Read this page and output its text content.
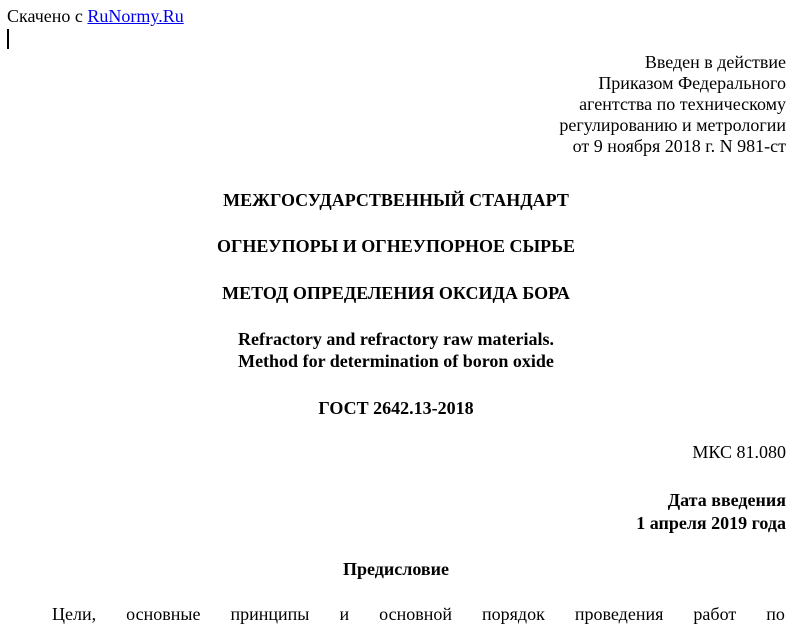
Скачено с RuNormy.Ru
Введен в действие
Приказом Федерального
агентства по техническому
регулированию и метрологии
от 9 ноября 2018 г. N 981-ст
МЕЖГОСУДАРСТВЕННЫЙ СТАНДАРТ
ОГНЕУПОРЫ И ОГНЕУПОРНОЕ СЫРЬЕ
МЕТОД ОПРЕДЕЛЕНИЯ ОКСИДА БОРА
Refractory and refractory raw materials.
Method for determination of boron oxide
ГОСТ 2642.13-2018
МКС 81.080
Дата введения
1 апреля 2019 года
Предисловие
Цели, основные принципы и основной порядок проведения работ по
